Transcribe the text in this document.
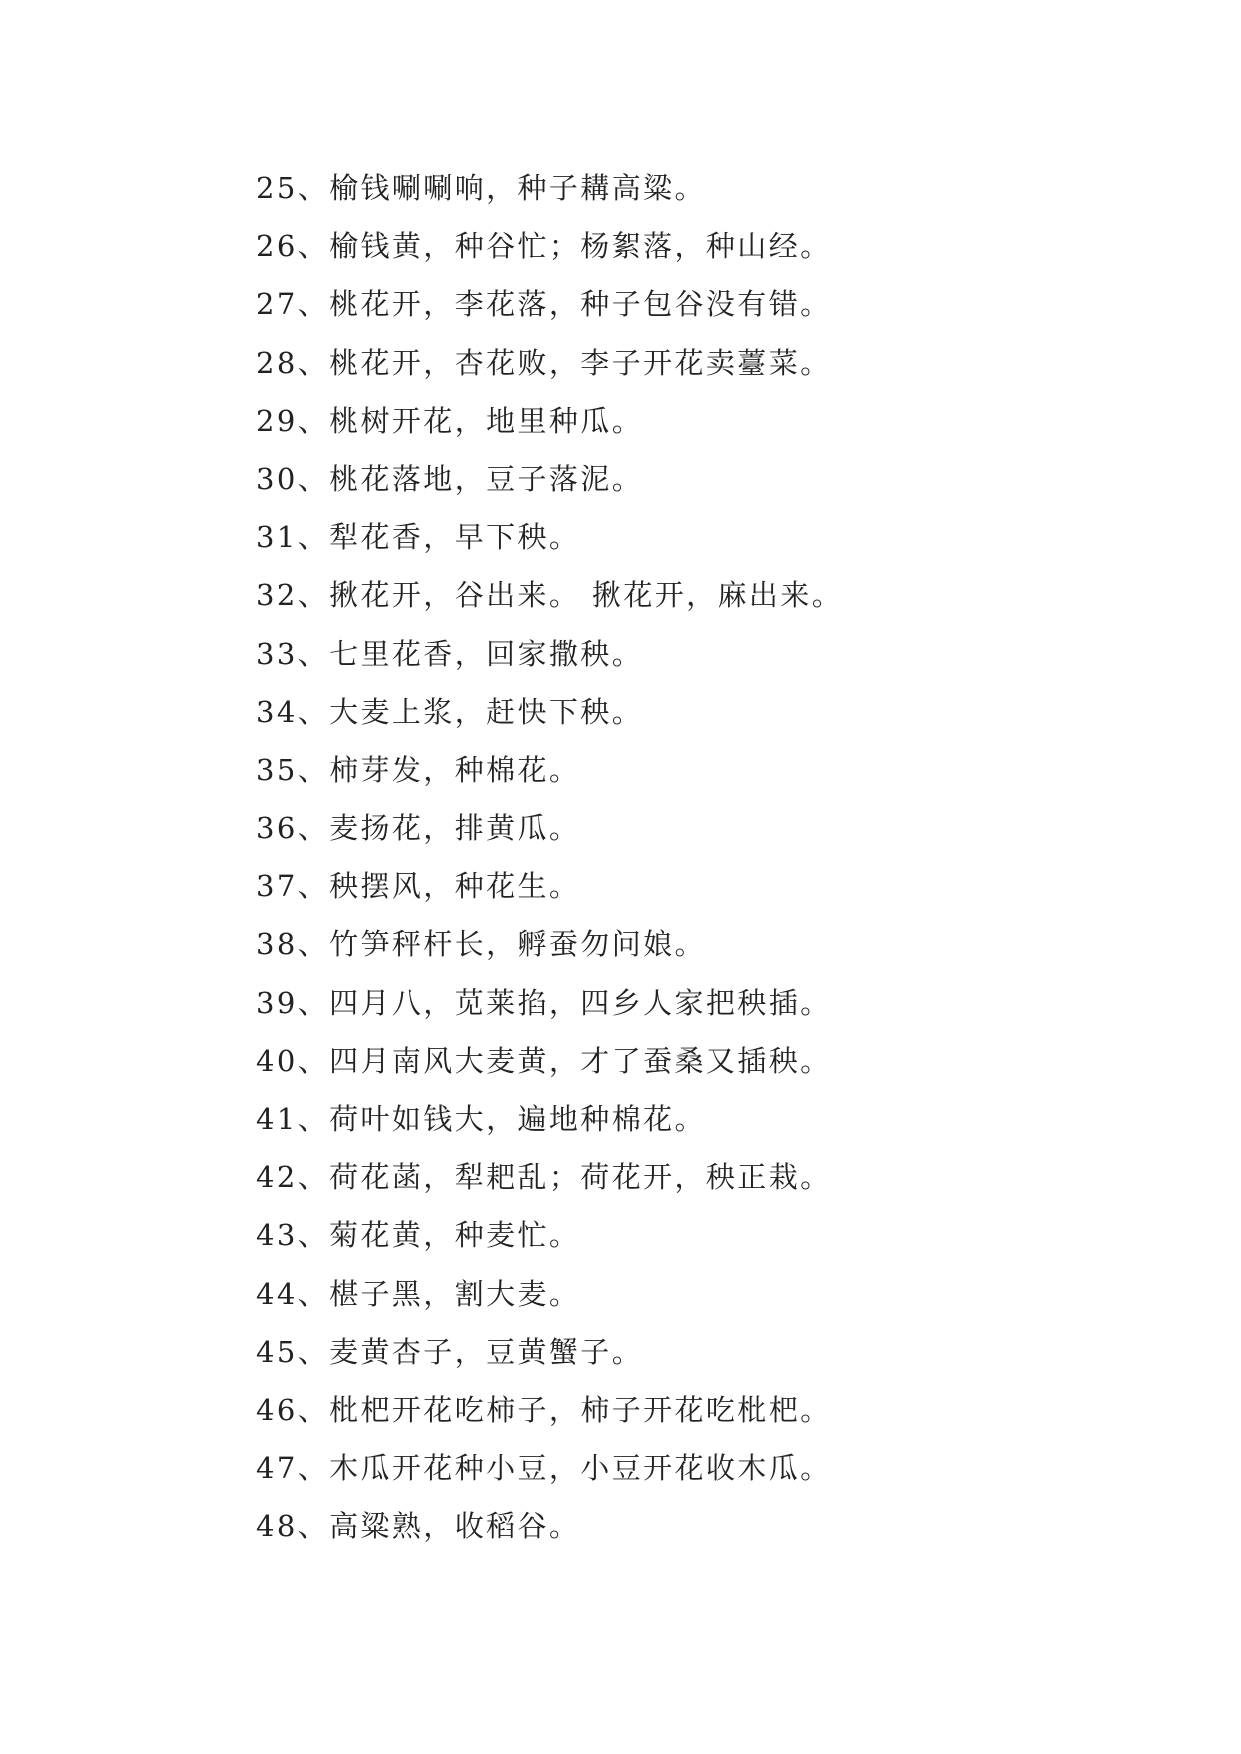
25、榆钱唰唰响，种子耩高粱。
26、榆钱黄，种谷忙；杨絮落，种山经。
27、桃花开，李花落，种子包谷没有错。
28、桃花开，杏花败，李子开花卖薹菜。
29、桃树开花，地里种瓜。
30、桃花落地，豆子落泥。
31、犁花香，早下秧。
32、揪花开，谷出来。 揪花开，麻出来。
33、七里花香，回家撒秧。
34、大麦上浆，赶快下秧。
35、柿芽发，种棉花。
36、麦扬花，排黄瓜。
37、秧摆风，种花生。
38、竹笋秤杆长，孵蚕勿问娘。
39、四月八，苋莱掐，四乡人家把秧插。
40、四月南风大麦黄，才了蚕桑又插秧。
41、荷叶如钱大，遍地种棉花。
42、荷花菡，犁耙乱；荷花开，秧正栽。
43、菊花黄，种麦忙。
44、椹子黑，割大麦。
45、麦黄杏子，豆黄蟹子。
46、枇杷开花吃柿子，柿子开花吃枇杷。
47、木瓜开花种小豆，小豆开花收木瓜。
48、高粱熟，收稻谷。
